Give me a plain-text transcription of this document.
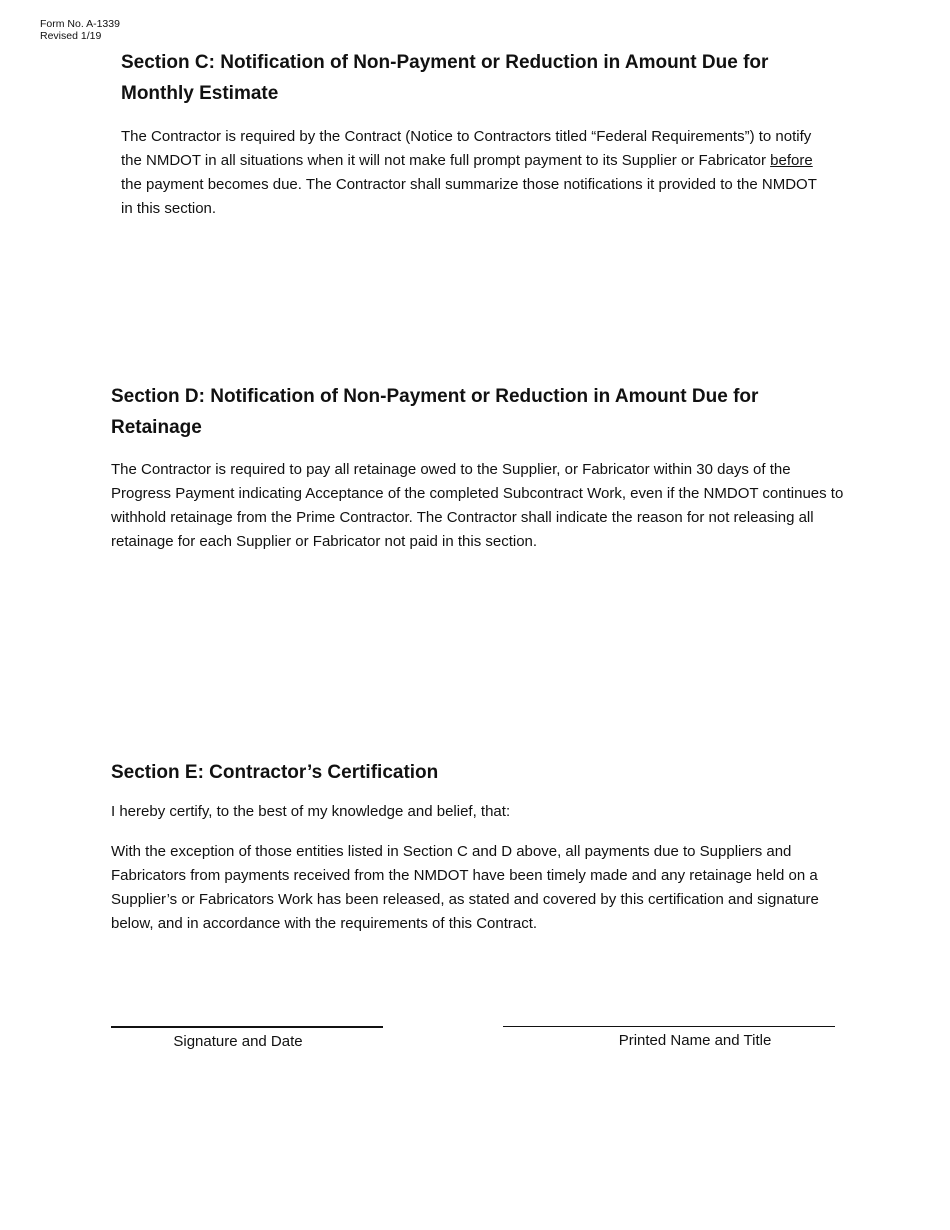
Form No. A-1339
Revised 1/19
Section C: Notification of Non-Payment or Reduction in Amount Due for
Monthly Estimate

The Contractor is required by the Contract (Notice to Contractors titled “Federal Requirements”) to notify the NMDOT in all situations when it will not make full prompt payment to its Supplier or Fabricator before the payment becomes due. The Contractor shall summarize those notifications it provided to the NMDOT in this section.

Section D: Notification of Non-Payment or Reduction in Amount Due for
Retainage

The Contractor is required to pay all retainage owed to the Supplier, or Fabricator within 30 days of the Progress Payment indicating Acceptance of the completed Subcontract Work, even if the NMDOT continues to withhold retainage from the Prime Contractor. The Contractor shall indicate the reason for not releasing all retainage for each Supplier or Fabricator not paid in this section.

Section E: Contractor’s Certification

I hereby certify, to the best of my knowledge and belief, that:

With the exception of those entities listed in Section C and D above, all payments due to Suppliers and Fabricators from payments received from the NMDOT have been timely made and any retainage held on a Supplier’s or Fabricators Work has been released, as stated and covered by this certification and signature below, and in accordance with the requirements of this Contract.

Signature and Date	Printed Name and Title
